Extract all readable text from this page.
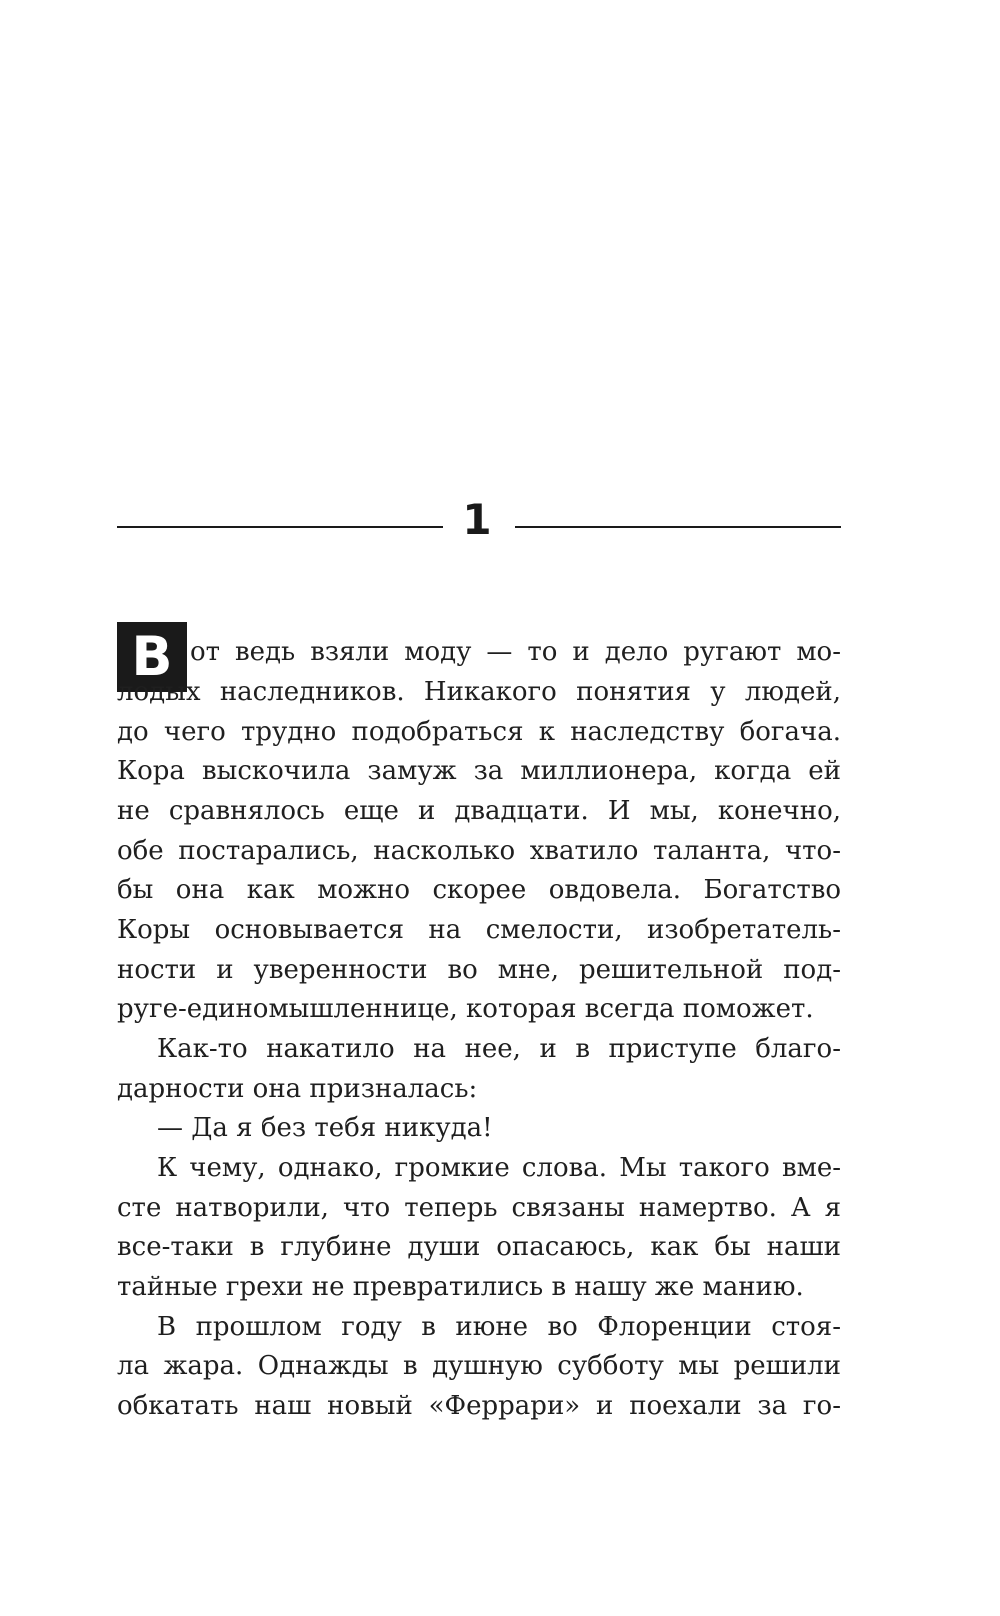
1
В от ведь взяли моду — то и дело ругают мо-
лодых наследников. Никакого понятия у людей,
до чего трудно подобраться к наследству богача.
Кора выскочила замуж за миллионера, когда ей
не сравнялось еще и двадцати. И мы, конечно,
обе постарались, насколько хватило таланта, что-
бы она как можно скорее овдовела. Богатство
Коры основывается на смелости, изобретатель-
ности и уверенности во мне, решительной под-
руге-единомышленнице, которая всегда поможет.
Как-то накатило на нее, и в приступе благо-
дарности она призналась:
— Да я без тебя никуда!
К чему, однако, громкие слова. Мы такого вме-
сте натворили, что теперь связаны намертво. А я
все-таки в глубине души опасаюсь, как бы наши
тайные грехи не превратились в нашу же манию.
В прошлом году в июне во Флоренции стоя-
ла жара. Однажды в душную субботу мы решили
обкатать наш новый «Феррари» и поехали за го-
